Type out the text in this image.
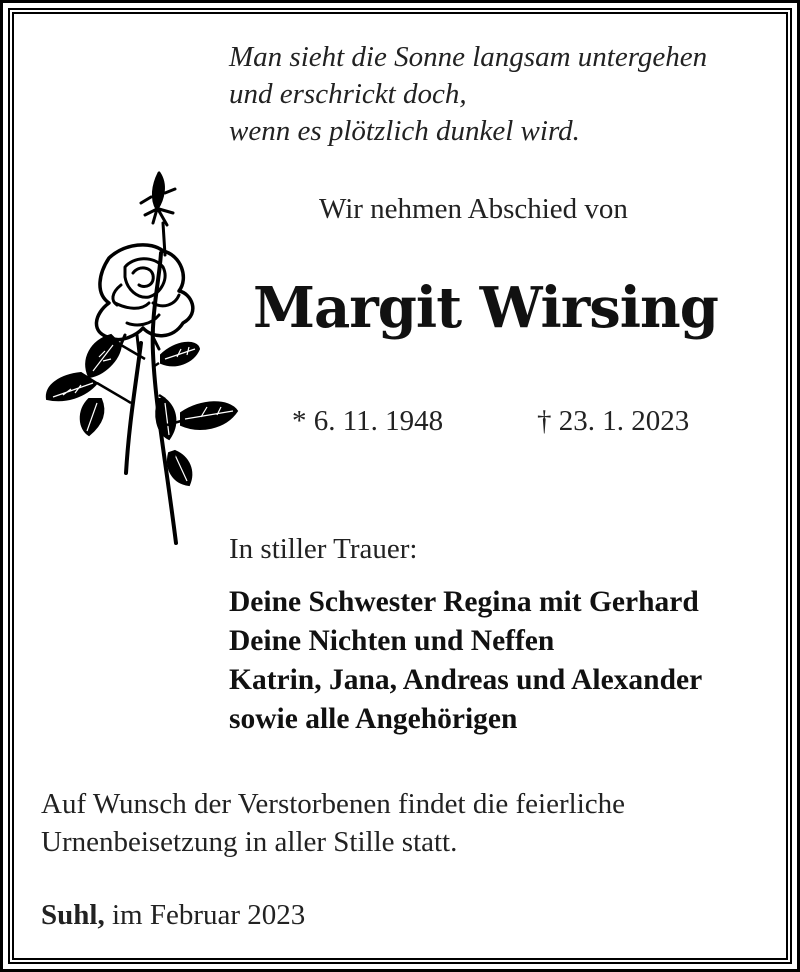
Man sieht die Sonne langsam untergehen
und erschrickt doch,
wenn es plötzlich dunkel wird.
Wir nehmen Abschied von
Margit Wirsing
* 6. 11. 1948	† 23. 1. 2023
In stiller Trauer:
Deine Schwester Regina mit Gerhard
Deine Nichten und Neffen
Katrin, Jana, Andreas und Alexander
sowie alle Angehörigen
Auf Wunsch der Verstorbenen findet die feierliche
Urnenbeisetzung in aller Stille statt.
Suhl, im Februar 2023
